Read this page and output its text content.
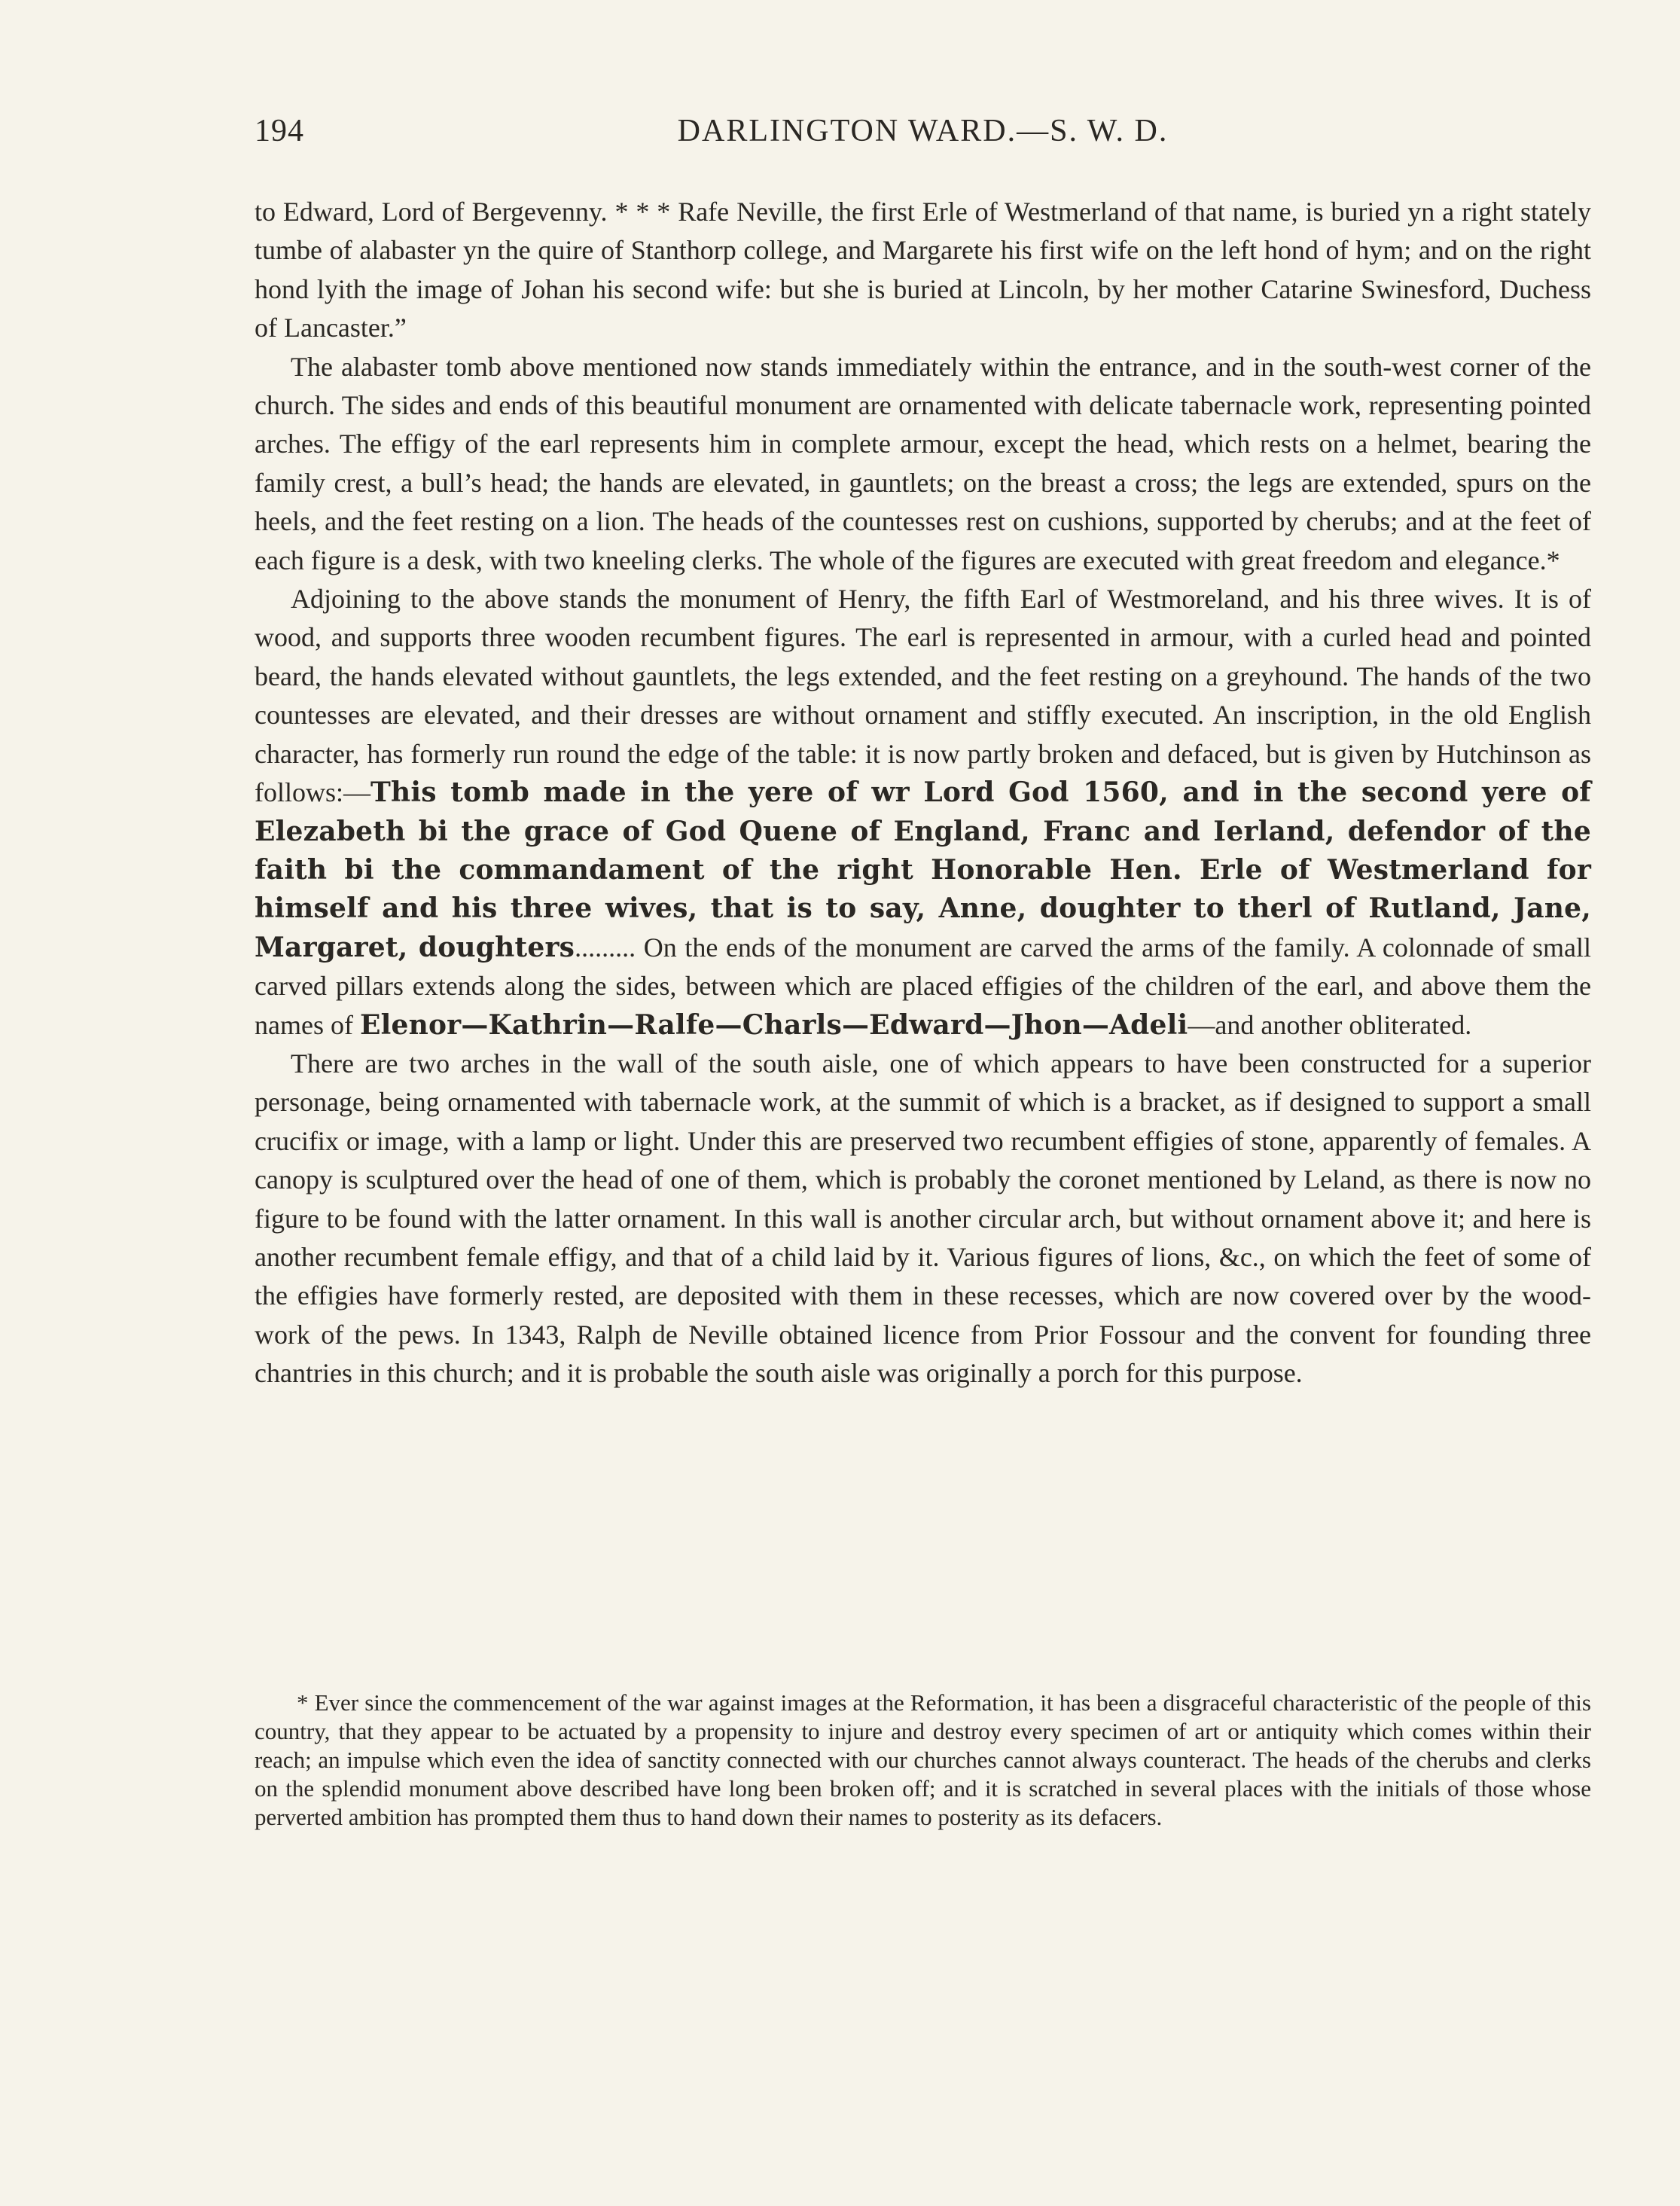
194	DARLINGTON WARD.—S. W. D.

to Edward, Lord of Bergevenny. * * * Rafe Neville, the first Erle of Westmerland of that name, is buried yn a right stately tumbe of alabaster yn the quire of Stanthorp college, and Margarete his first wife on the left hond of hym; and on the right hond lyith the image of Johan his second wife: but she is buried at Lincoln, by her mother Catarine Swinesford, Duchess of Lancaster.”

The alabaster tomb above mentioned now stands immediately within the entrance, and in the south-west corner of the church. The sides and ends of this beautiful monument are ornamented with delicate tabernacle work, representing pointed arches. The effigy of the earl represents him in complete armour, except the head, which rests on a helmet, bearing the family crest, a bull’s head; the hands are elevated, in gauntlets; on the breast a cross; the legs are extended, spurs on the heels, and the feet resting on a lion. The heads of the countesses rest on cushions, supported by cherubs; and at the feet of each figure is a desk, with two kneeling clerks. The whole of the figures are executed with great freedom and elegance.*

Adjoining to the above stands the monument of Henry, the fifth Earl of Westmoreland, and his three wives. It is of wood, and supports three wooden recumbent figures. The earl is represented in armour, with a curled head and pointed beard, the hands elevated without gauntlets, the legs extended, and the feet resting on a greyhound. The hands of the two countesses are elevated, and their dresses are without ornament and stiffly executed. An inscription, in the old English character, has formerly run round the edge of the table: it is now partly broken and defaced, but is given by Hutchinson as follows:—This tomb made in the yere of wr Lord God 1560, and in the second yere of Elezabeth bi the grace of God Quene of England, Franc and Ierland, defendor of the faith bi the commandament of the right Honorable Hen. Erle of Westmerland for himself and his three wives, that is to say, Anne, doughter to therl of Rutland, Jane, Margaret, doughters......... On the ends of the monument are carved the arms of the family. A colonnade of small carved pillars extends along the sides, between which are placed effigies of the children of the earl, and above them the names of Elenor—Kathrin—Ralfe—Charls—Edward—Jhon—Adeli—and another obliterated.

There are two arches in the wall of the south aisle, one of which appears to have been constructed for a superior personage, being ornamented with tabernacle work, at the summit of which is a bracket, as if designed to support a small crucifix or image, with a lamp or light. Under this are preserved two recumbent effigies of stone, apparently of females. A canopy is sculptured over the head of one of them, which is probably the coronet mentioned by Leland, as there is now no figure to be found with the latter ornament. In this wall is another circular arch, but without ornament above it; and here is another recumbent female effigy, and that of a child laid by it. Various figures of lions, &c., on which the feet of some of the effigies have formerly rested, are deposited with them in these recesses, which are now covered over by the wood-work of the pews. In 1343, Ralph de Neville obtained licence from Prior Fossour and the convent for founding three chantries in this church; and it is probable the south aisle was originally a porch for this purpose.

* Ever since the commencement of the war against images at the Reformation, it has been a disgraceful characteristic of the people of this country, that they appear to be actuated by a propensity to injure and destroy every specimen of art or antiquity which comes within their reach; an impulse which even the idea of sanctity connected with our churches cannot always counteract. The heads of the cherubs and clerks on the splendid monument above described have long been broken off; and it is scratched in several places with the initials of those whose perverted ambition has prompted them thus to hand down their names to posterity as its defacers.
